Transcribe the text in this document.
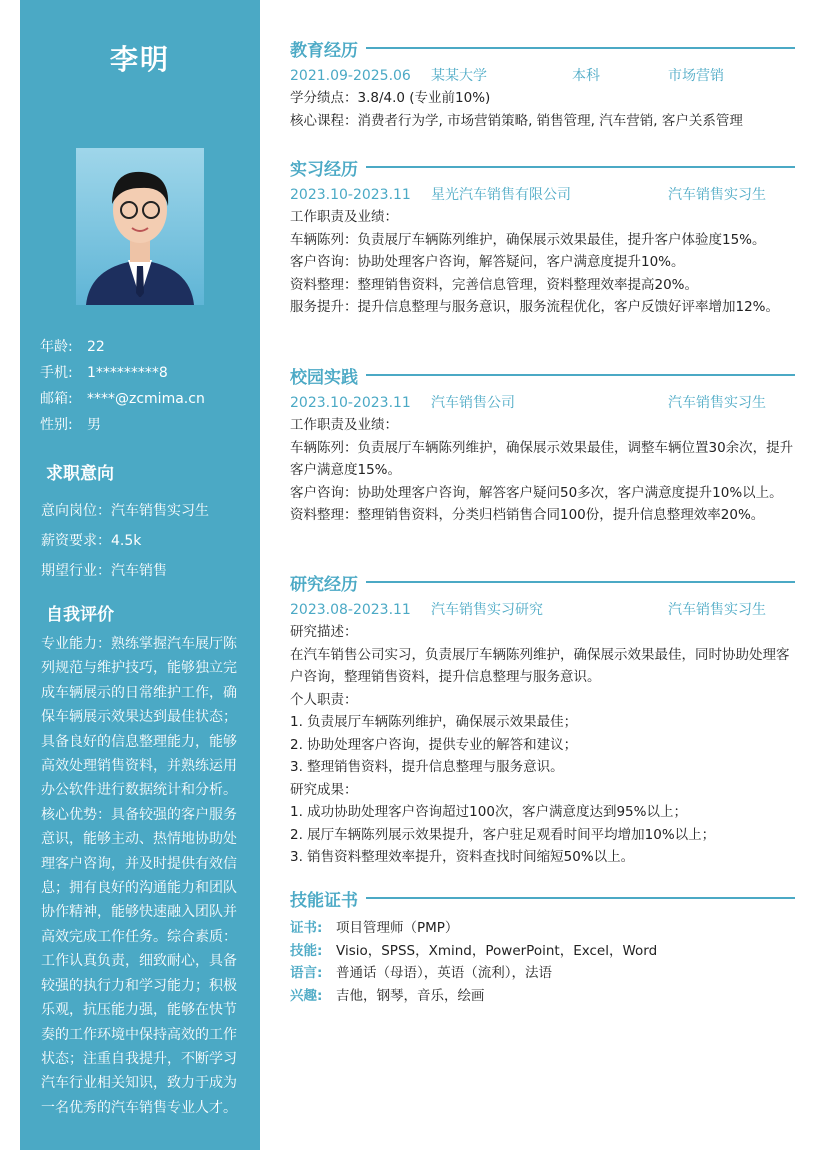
李明
年龄: 22
手机: 1*********8
邮箱: ****@zcmima.cn
性别: 男
求职意向
意向岗位：汽车销售实习生
薪资要求：4.5k
期望行业：汽车销售
自我评价
专业能力：熟练掌握汽车展厅陈列规范与维护技巧，能够独立完成车辆展示的日常维护工作，确保车辆展示效果达到最佳状态；具备良好的信息整理能力，能够高效处理销售资料，并熟练运用办公软件进行数据统计和分析。核心优势：具备较强的客户服务意识，能够主动、热情地协助处理客户咨询，并及时提供有效信息；拥有良好的沟通能力和团队协作精神，能够快速融入团队并高效完成工作任务。综合素质：工作认真负责，细致耐心，具备较强的执行力和学习能力；积极乐观，抗压能力强，能够在快节奏的工作环境中保持高效的工作状态；注重自我提升，不断学习汽车行业相关知识，致力于成为一名优秀的汽车销售专业人才。
教育经历
2021.09-2025.06	某某大学	本科	市场营销
学分绩点：3.8/4.0 (专业前10%)
核心课程：消费者行为学, 市场营销策略, 销售管理, 汽车营销, 客户关系管理
实习经历
2023.10-2023.11	星光汽车销售有限公司	汽车销售实习生
工作职责及业绩：
车辆陈列：负责展厅车辆陈列维护，确保展示效果最佳，提升客户体验度15%。
客户咨询：协助处理客户咨询，解答疑问，客户满意度提升10%。
资料整理：整理销售资料，完善信息管理，资料整理效率提高20%。
服务提升：提升信息整理与服务意识，服务流程优化，客户反馈好评率增加12%。
校园实践
2023.10-2023.11	汽车销售公司	汽车销售实习生
工作职责及业绩：
车辆陈列：负责展厅车辆陈列维护，确保展示效果最佳，调整车辆位置30余次，提升客户满意度15%。
客户咨询：协助处理客户咨询，解答客户疑问50多次，客户满意度提升10%以上。
资料整理：整理销售资料，分类归档销售合同100份，提升信息整理效率20%。
研究经历
2023.08-2023.11	汽车销售实习研究	汽车销售实习生
研究描述：
在汽车销售公司实习，负责展厅车辆陈列维护，确保展示效果最佳，同时协助处理客户咨询，整理销售资料，提升信息整理与服务意识。
个人职责：
1. 负责展厅车辆陈列维护，确保展示效果最佳；
2. 协助处理客户咨询，提供专业的解答和建议；
3. 整理销售资料，提升信息整理与服务意识。
研究成果：
1. 成功协助处理客户咨询超过100次，客户满意度达到95%以上；
2. 展厅车辆陈列展示效果提升，客户驻足观看时间平均增加10%以上；
3. 销售资料整理效率提升，资料查找时间缩短50%以上。
技能证书
证书:	项目管理师（PMP）
技能:	Visio，SPSS，Xmind，PowerPoint，Excel，Word
语言:	普通话（母语），英语（流利），法语
兴趣:	吉他，钢琴，音乐，绘画
